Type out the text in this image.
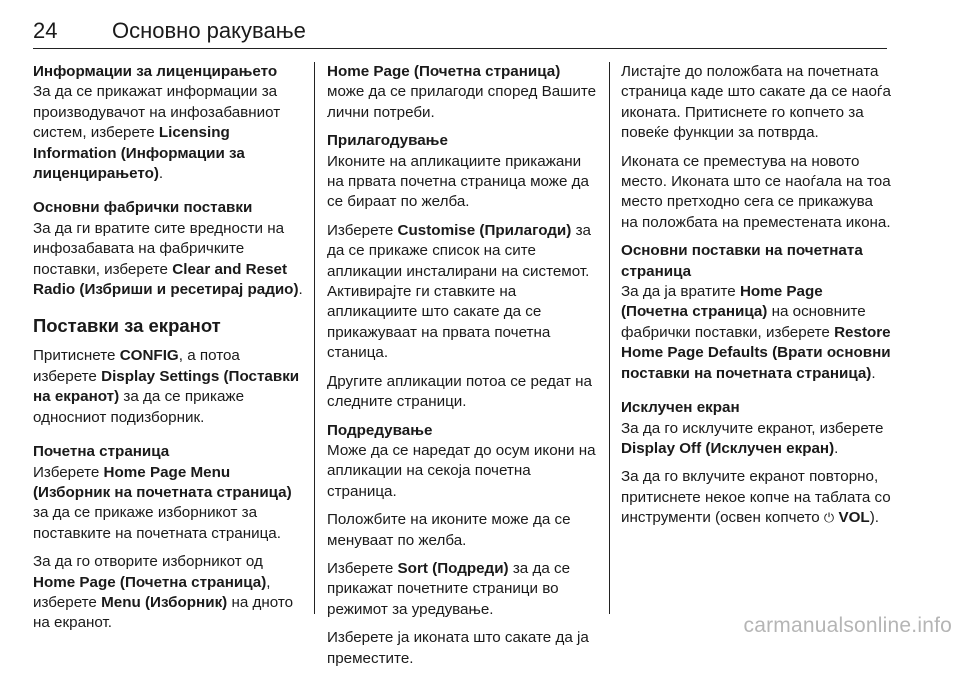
24 Основно ракување
Информации за лиценцирањето
За да се прикажат информации за производувачот на инфозабавниот систем, изберете Licensing Information (Информации за лиценцирањето).
Основни фабрички поставки
За да ги вратите сите вредности на инфозабавата на фабричките поставки, изберете Clear and Reset Radio (Избриши и ресетирај радио).
Поставки за екранот
Притиснете CONFIG, а потоа изберете Display Settings (Поставки на екранот) за да се прикаже односниот подизборник.
Почетна страница

Изберете Home Page Menu (Изборник на почетната страница) за да се прикаже изборникот за поставките на почетната страница.

За да го отворите изборникот од Home Page (Почетна страница), изберете Menu (Изборник) на дното на екранот.

Home Page (Почетна страница) може да се прилагоди според Вашите лични потреби.

Прилагодување

Иконите на апликациите прикажани на првата почетна страница може да се бираат по желба.

Изберете Customise (Прилагоди) за да се прикаже список на сите апликации инсталирани на системот. Активирајте ги ставките на апликациите што сакате да се прикажуваат на првата почетна станица.

Другите апликации потоа се редат на следните страници.

Подредување

Може да се наредат до осум икони на апликации на секоја почетна страница.

Положбите на иконите може да се менуваат по желба.

Изберете Sort (Подреди) за да се прикажат почетните страници во режимот за уредување.

Изберете ја иконата што сакате да ја преместите.

Листајте до положбата на почетната страница каде што сакате да се наоѓа иконата. Притиснете го копчето за повеќе функции за потврда.

Иконата се преместува на новото место. Иконата што се наоѓала на тоа место претходно сега се прикажува на положбата на преместената икона.

Основни поставки на почетната страница
За да ја вратите Home Page (Почетна страница) на основните фабрички поставки, изберете Restore Home Page Defaults (Врати основни поставки на почетната страница).
Исклучен екран

За да го исклучите екранот, изберете Display Off (Исклучен екран).

За да го вклучите екранот повторно, притиснете некое копче на таблата со инструменти (освен копчето ⏻ VOL).

carmanualsonline.info
